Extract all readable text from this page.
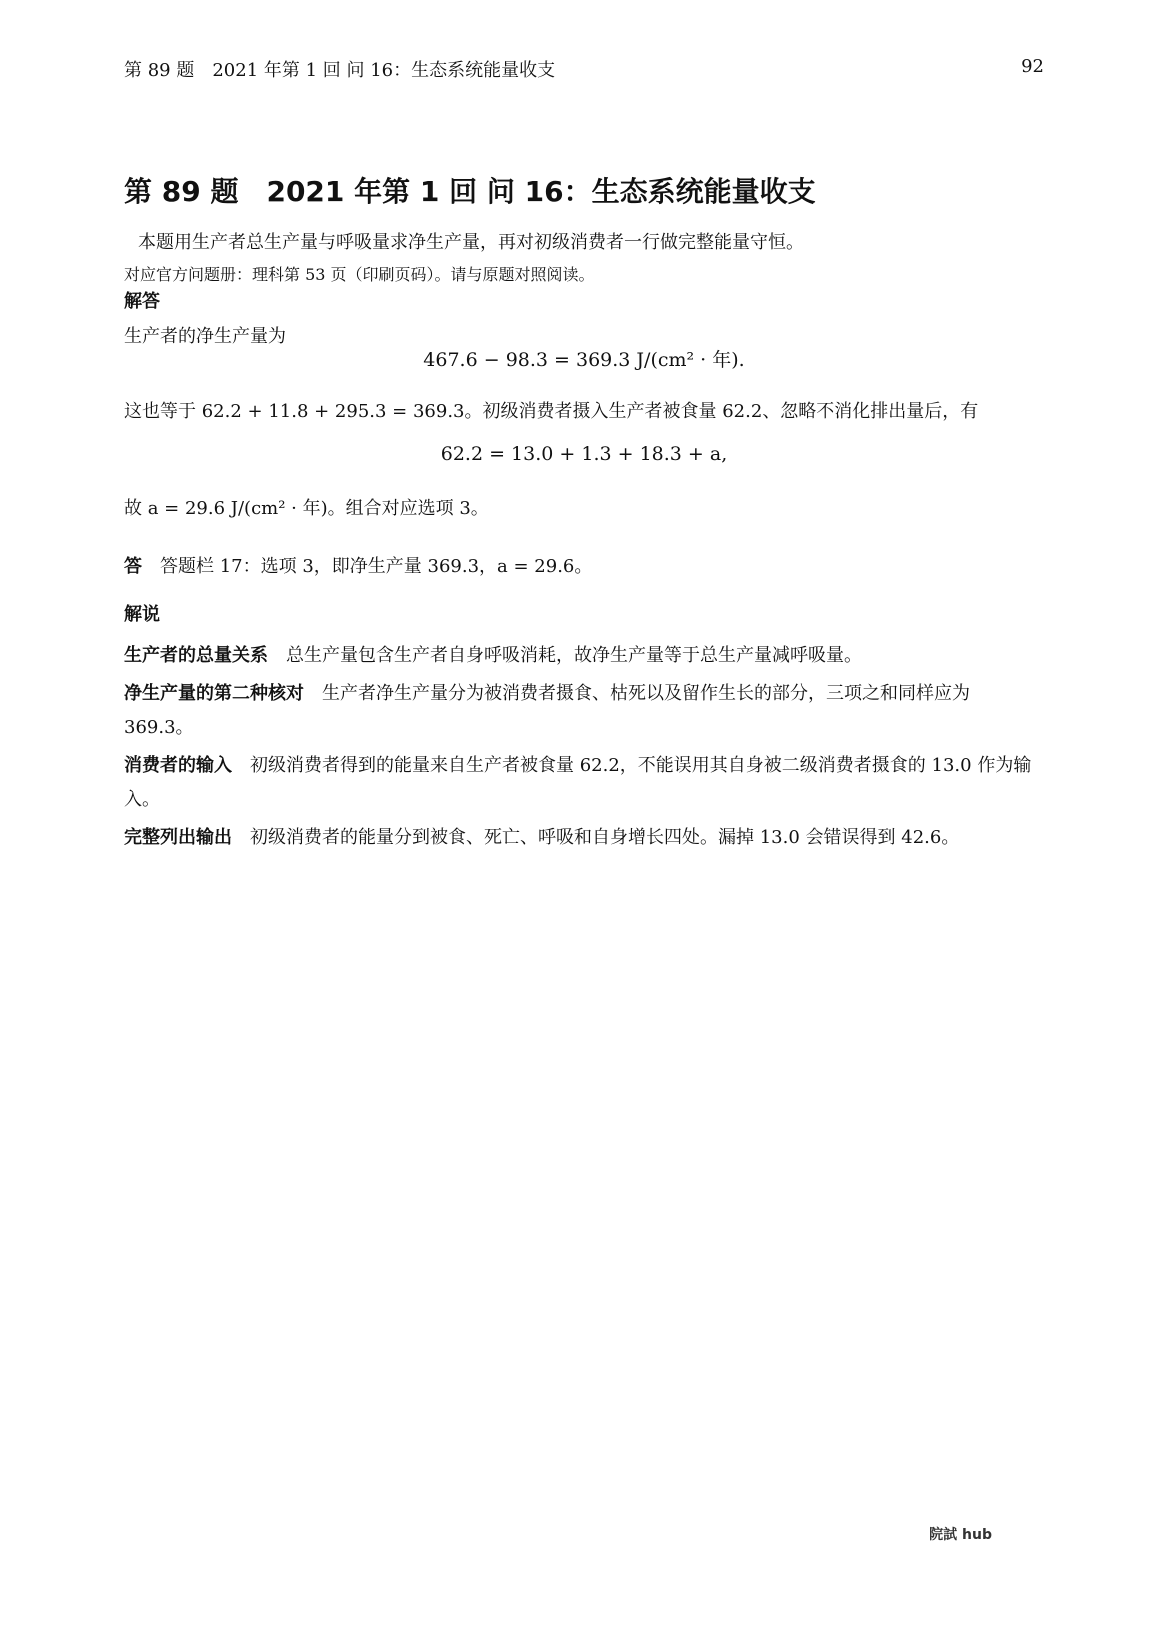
第 89 题　2021 年第 1 回 问 16：生态系统能量收支	92
第 89 题　2021 年第 1 回 问 16：生态系统能量收支
本题用生产者总生产量与呼吸量求净生产量，再对初级消费者一行做完整能量守恒。
对应官方问题册：理科第 53 页（印刷页码）。请与原题对照阅读。
解答
生产者的净生产量为
467.6 − 98.3 = 369.3 J/(cm² · 年).
这也等于 62.2 + 11.8 + 295.3 = 369.3。初级消费者摄入生产者被食量 62.2、忽略不消化排出量后，有
62.2 = 13.0 + 1.3 + 18.3 + a,
故 a = 29.6 J/(cm² · 年)。组合对应选项 3。
答 答题栏 17：选项 3，即净生产量 369.3，a = 29.6。
解说
生产者的总量关系 总生产量包含生产者自身呼吸消耗，故净生产量等于总生产量减呼吸量。
净生产量的第二种核对 生产者净生产量分为被消费者摄食、枯死以及留作生长的部分，三项之和同样应为 369.3。
消费者的输入 初级消费者得到的能量来自生产者被食量 62.2，不能误用其自身被二级消费者摄食的 13.0 作为输入。
完整列出输出 初级消费者的能量分到被食、死亡、呼吸和自身增长四处。漏掉 13.0 会错误得到 42.6。
院試 hub
